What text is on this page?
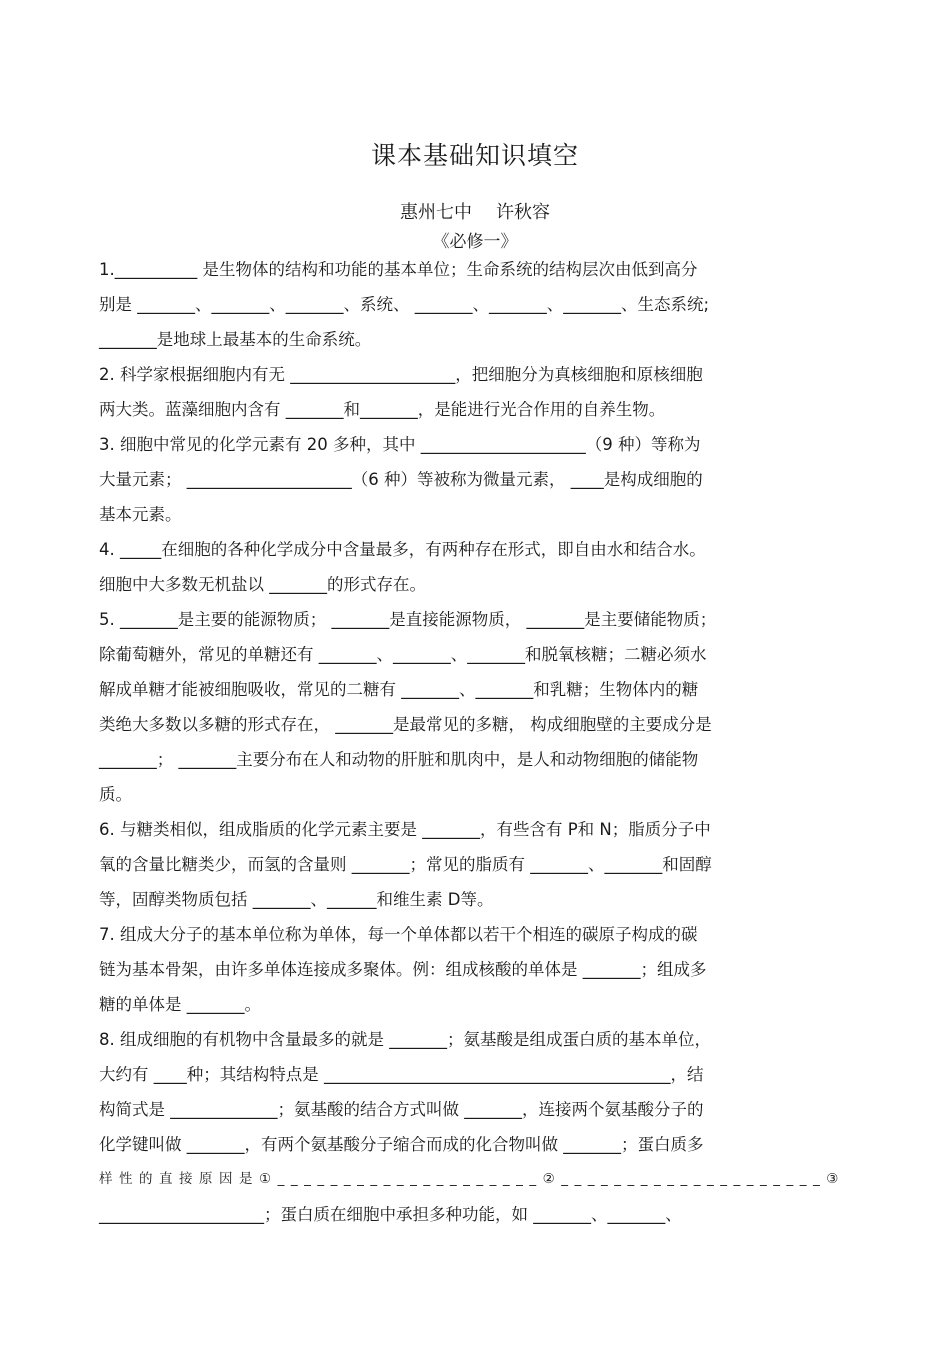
课本基础知识填空
惠州七中 许秋容
《必修一》
1.__________ 是生物体的结构和功能的基本单位；生命系统的结构层次由低到高分
别是 _______、_______、_______、系统、 _______、_______、_______、生态系统;
_______是地球上最基本的生命系统。
2. 科学家根据细胞内有无 ____________________，把细胞分为真核细胞和原核细胞
两大类。蓝藻细胞内含有 _______和_______，是能进行光合作用的自养生物。
3. 细胞中常见的化学元素有 20 多种，其中 ____________________（9 种）等称为
大量元素； ____________________（6 种）等被称为微量元素， ____是构成细胞的
基本元素。
4. _____在细胞的各种化学成分中含量最多，有两种存在形式，即自由水和结合水。
细胞中大多数无机盐以 _______的形式存在。
5. _______是主要的能源物质； _______是直接能源物质， _______是主要储能物质；
除葡萄糖外，常见的单糖还有 _______、_______、_______和脱氧核糖；二糖必须水
解成单糖才能被细胞吸收，常见的二糖有 _______、_______和乳糖；生物体内的糖
类绝大多数以多糖的形式存在， _______是最常见的多糖， 构成细胞壁的主要成分是
_______； _______主要分布在人和动物的肝脏和肌肉中，是人和动物细胞的储能物
质。
6. 与糖类相似，组成脂质的化学元素主要是 _______，有些含有 P和 N；脂质分子中
氧的含量比糖类少，而氢的含量则 _______；常见的脂质有 _______、_______和固醇
等，固醇类物质包括 _______、______和维生素 D等。
7. 组成大分子的基本单位称为单体，每一个单体都以若干个相连的碳原子构成的碳
链为基本骨架，由许多单体连接成多聚体。例：组成核酸的单体是 _______；组成多
糖的单体是 _______。
8. 组成细胞的有机物中含量最多的就是 _______；氨基酸是组成蛋白质的基本单位，
大约有 ____种；其结构特点是 __________________________________________，结
构简式是 _____________；氨基酸的结合方式叫做 _______，连接两个氨基酸分子的
化学键叫做 _______，有两个氨基酸分子缩合而成的化合物叫做 _______；蛋白质多
样性的直接原因是①____________________②____________________③
____________________；蛋白质在细胞中承担多种功能，如 _______、_______、
